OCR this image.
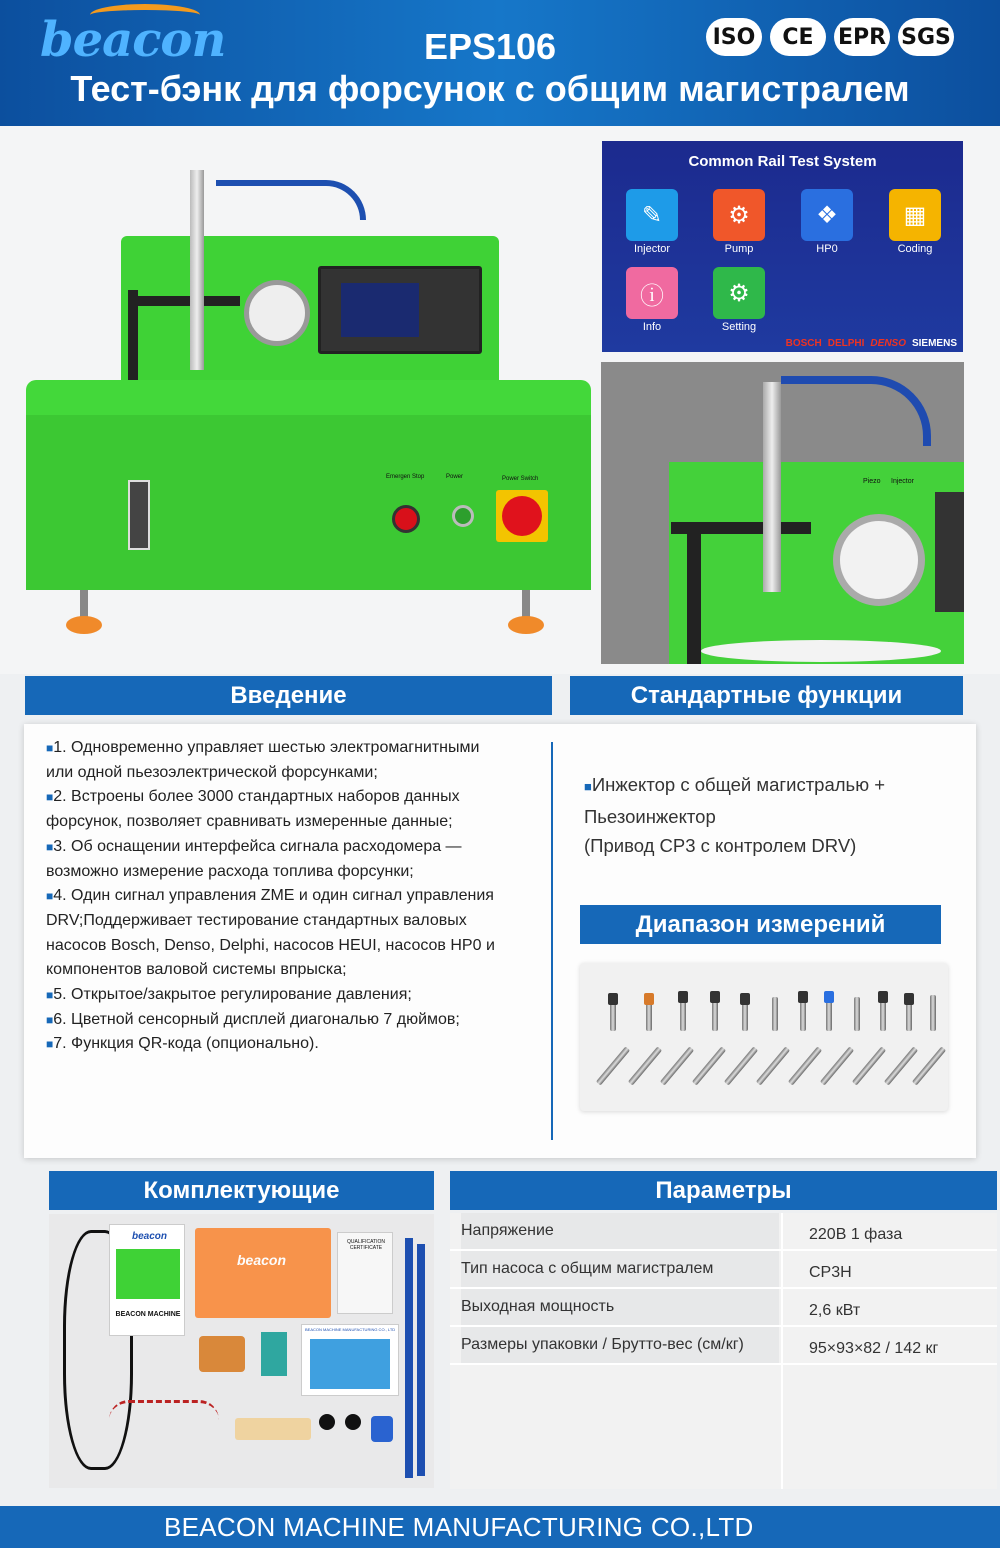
beacon	EPS106
Тест-бэнк для форсунок с общим магистралем
ISO	CE	EPR SGS
Emergen Stop	Power	Power Switch
Common Rail Test System
✎
Injector
⚙
Pump
❖
HP0
▦
Coding
ⓘ
Info
⚙
Setting
BOSCH DELPHI DENSO SIEMENS
Piezo Injector
Введение	Стандартные функции
■1. Одновременно управляет шестью электромагнитными или одной пьезоэлектрической форсунками;
■2. Встроены более 3000 стандартных наборов данных форсунок, позволяет сравнивать измеренные данные;
■3. Об оснащении интерфейса сигнала расходомера — возможно измерение расхода топлива форсунки;
■4. Один сигнал управления ZME и один сигнал управления DRV;Поддерживает тестирование стандартных валовых насосов Bosch, Denso, Delphi, насосов HEUI, насосов HP0 и компонентов валовой системы впрыска;
■5. Открытое/закрытое регулирование давления;
■6. Цветной сенсорный дисплей диагональю 7 дюймов;
■7. Функция QR-кода (опционально).
■Инжектор с общей магистралью +
Пьезоинжектор
(Привод CP3 с контролем DRV)
Диапазон измерений
Комплектующие
beacon
BEACON MACHINE
beacon
QUALIFICATION CERTIFICATE
BEACON MACHINE MANUFACTURING CO., LTD
Параметры
Напряжение	220В 1 фаза
Тип насоса с общим магистралем	CP3H
Выходная мощность	2,6 кВт
Размеры упаковки / Брутто-вес (см/кг)	95×93×82 / 142 кг
BEACON MACHINE MANUFACTURING CO.,LTD
